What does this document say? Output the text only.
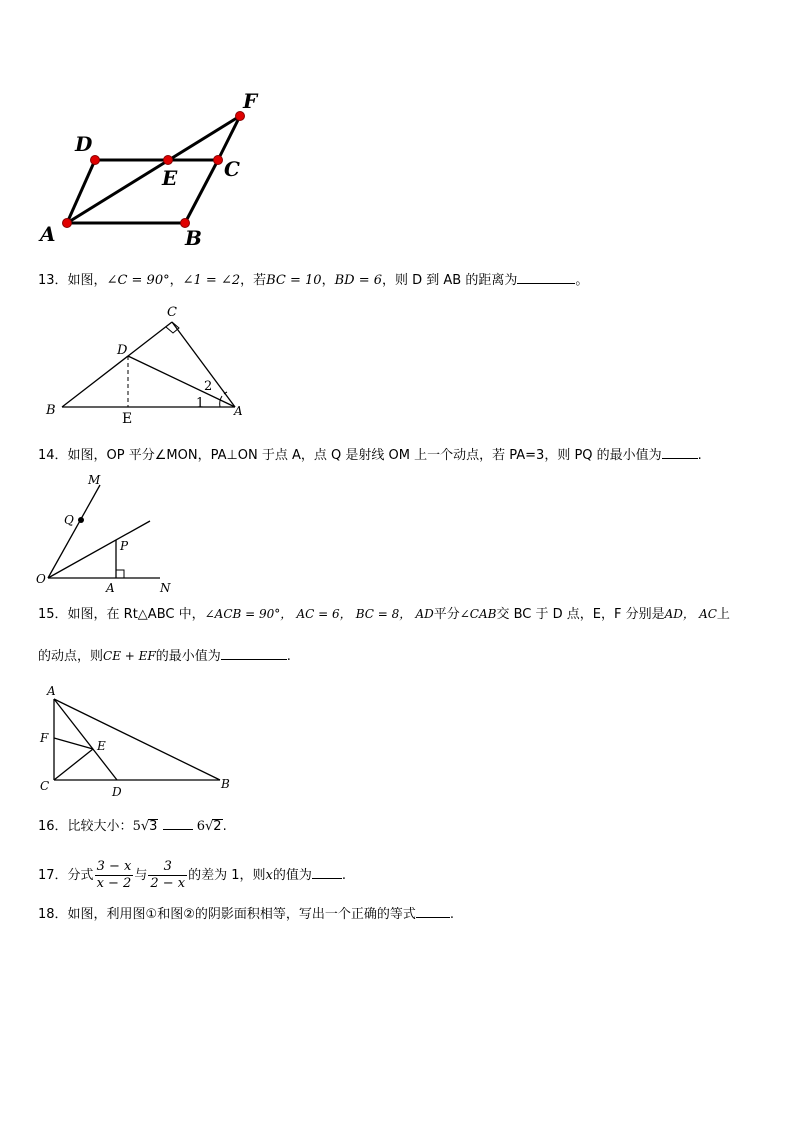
D
E C
F
A	B
13．如图，∠C = 90°，∠1 = ∠2，若BC = 10，BD = 6，则 D 到 AB 的距离为	。
C
D
B
E	A
1
2
14．如图，OP 平分∠MON，PA⊥ON 于点 A，点 Q 是射线 OM 上一个动点，若 PA=3，则 PQ 的最小值为	.
M
Q
P
O
A	N
15．如图，在 Rt△ABC 中，∠ACB = 90°， AC = 6， BC = 8， AD平分∠CAB交 BC 于 D 点，E，F 分别是AD， AC上
的动点，则CE + EF的最小值为	.
A
F
E
C	D
B
16．比较大小：5√3	6√2.
17．分式 $\frac{3 - x}{x - 2}$ 与 $\frac{3}{2 - x}$ 的差为 1，则x的值为 .
18．如图，利用图①和图②的阴影面积相等，写出一个正确的等式	.
